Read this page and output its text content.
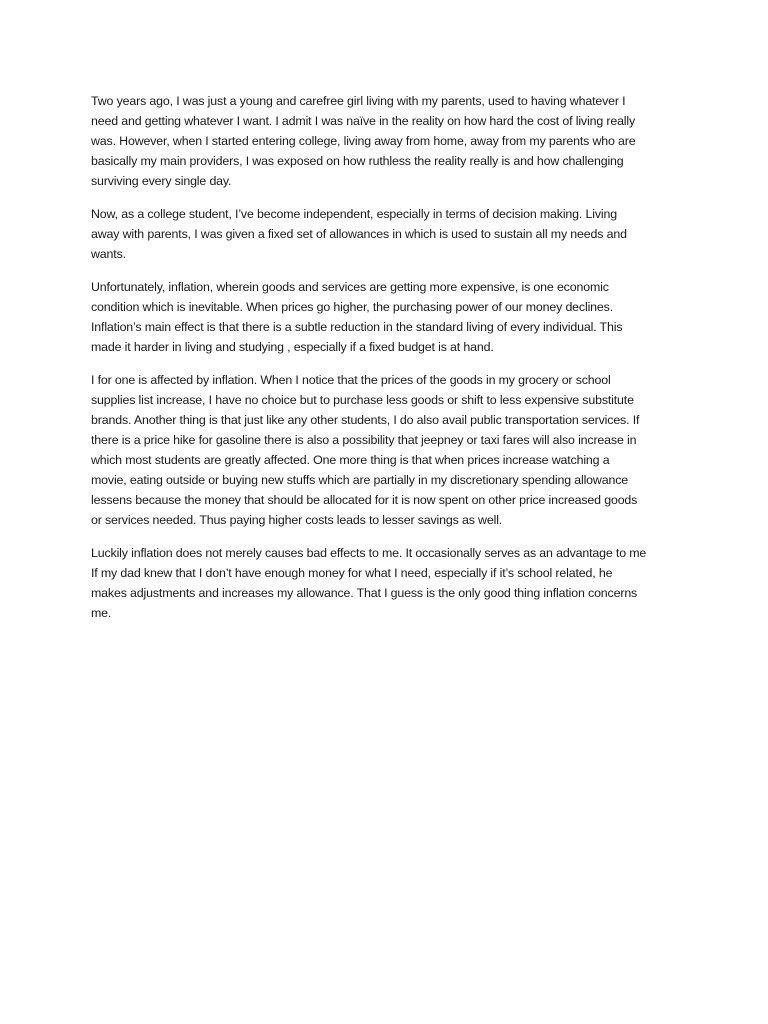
Two years ago, I was just a young and carefree girl living with my parents, used to having whatever I
need and getting whatever I want. I admit I was naïve in the reality on how hard the cost of living really
was. However, when I started entering college, living away from home, away from my parents who are
basically my main providers, I was exposed on how ruthless the reality really is and how challenging
surviving every single day.

Now, as a college student, I’ve become independent, especially in terms of decision making. Living
away with parents, I was given a fixed set of allowances in which is used to sustain all my needs and
wants.

Unfortunately, inflation, wherein goods and services are getting more expensive, is one economic
condition which is inevitable. When prices go higher, the purchasing power of our money declines.
Inflation’s main effect is that there is a subtle reduction in the standard living of every individual. This
made it harder in living and studying , especially if a fixed budget is at hand.

I for one is affected by inflation. When I notice that the prices of the goods in my grocery or school
supplies list increase, I have no choice but to purchase less goods or shift to less expensive substitute
brands. Another thing is that just like any other students, I do also avail public transportation services. If
there is a price hike for gasoline there is also a possibility that jeepney or taxi fares will also increase in
which most students are greatly affected. One more thing is that when prices increase watching a
movie, eating outside or buying new stuffs which are partially in my discretionary spending allowance
lessens because the money that should be allocated for it is now spent on other price increased goods
or services needed. Thus paying higher costs leads to lesser savings as well.

Luckily inflation does not merely causes bad effects to me. It occasionally serves as an advantage to me
If my dad knew that I don’t have enough money for what I need, especially if it’s school related, he
makes adjustments and increases my allowance. That I guess is the only good thing inflation concerns
me.
